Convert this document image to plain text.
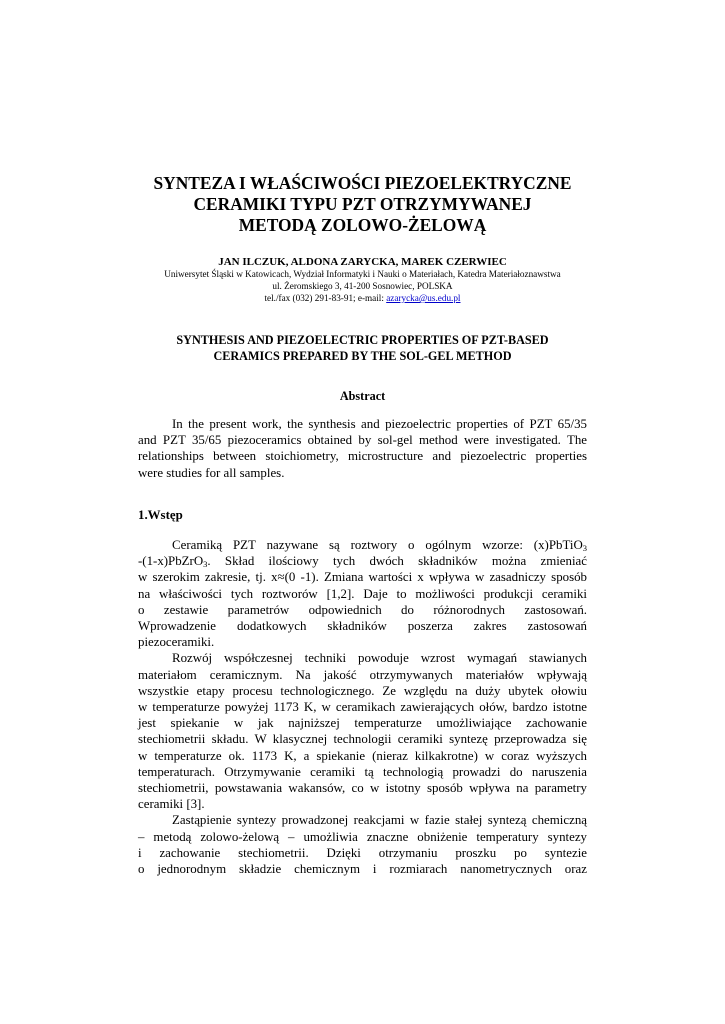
SYNTEZA I WŁAŚCIWOŚCI PIEZOELEKTRYCZNE
CERAMIKI TYPU PZT OTRZYMYWANEJ
METODĄ ZOLOWO-ŻELOWĄ
JAN ILCZUK, ALDONA ZARYCKA, MAREK CZERWIEC
Uniwersytet Śląski w Katowicach, Wydział Informatyki i Nauki o Materiałach, Katedra Materiałoznawstwa
ul. Żeromskiego 3, 41-200 Sosnowiec, POLSKA
tel./fax (032) 291-83-91; e-mail: azarycka@us.edu.pl
SYNTHESIS AND PIEZOELECTRIC PROPERTIES OF PZT-BASED
CERAMICS PREPARED BY THE SOL-GEL METHOD
Abstract
In the present work, the synthesis and piezoelectric properties of PZT 65/35
and PZT 35/65 piezoceramics obtained by sol-gel method were investigated. The
relationships between stoichiometry, microstructure and piezoelectric properties
were studies for all samples.
1.Wstęp
Ceramiką PZT nazywane są roztwory o ogólnym wzorze: (x)PbTiO$_3$
-(1-x)PbZrO$_3$. Skład ilościowy tych dwóch składników można zmieniać
w szerokim zakresie, tj. x≈(0 -1). Zmiana wartości x wpływa w zasadniczy sposób
na właściwości tych roztworów [1,2]. Daje to możliwości produkcji ceramiki
o zestawie parametrów odpowiednich do różnorodnych zastosowań.
Wprowadzenie dodatkowych składników poszerza zakres zastosowań
piezoceramiki.
Rozwój współczesnej techniki powoduje wzrost wymagań stawianych
materiałom ceramicznym. Na jakość otrzymywanych materiałów wpływają
wszystkie etapy procesu technologicznego. Ze względu na duży ubytek ołowiu
w temperaturze powyżej 1173 K, w ceramikach zawierających ołów, bardzo istotne
jest spiekanie w jak najniższej temperaturze umożliwiające zachowanie
stechiometrii składu. W klasycznej technologii ceramiki syntezę przeprowadza się
w temperaturze ok. 1173 K, a spiekanie (nieraz kilkakrotne) w coraz wyższych
temperaturach. Otrzymywanie ceramiki tą technologią prowadzi do naruszenia
stechiometrii, powstawania wakansów, co w istotny sposób wpływa na parametry
ceramiki [3].
Zastąpienie syntezy prowadzonej reakcjami w fazie stałej syntezą chemiczną
– metodą zolowo-żelową – umożliwia znaczne obniżenie temperatury syntezy
i zachowanie stechiometrii. Dzięki otrzymaniu proszku po syntezie
o jednorodnym składzie chemicznym i rozmiarach nanometrycznych oraz
